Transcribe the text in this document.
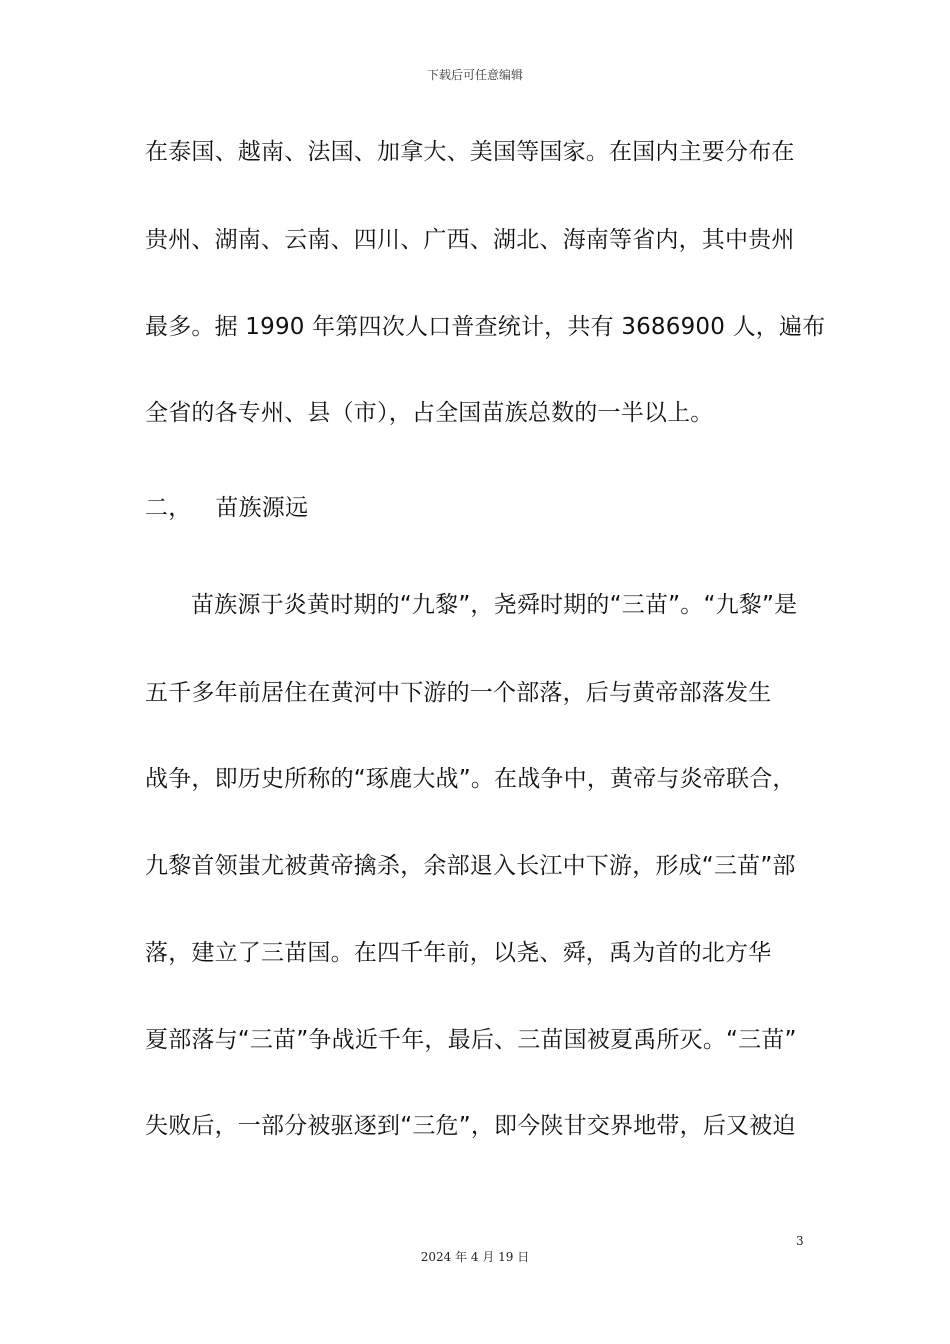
下载后可任意编辑
在泰国、越南、法国、加拿大、美国等国家。在国内主要分布在
贵州、湖南、云南、四川、广西、湖北、海南等省内，其中贵州
最多。据 1990 年第四次人口普查统计，共有 3686900 人，遍布
全省的各专州、县（市），占全国苗族总数的一半以上。
二， 苗族源远
苗族源于炎黄时期的“九黎”，尧舜时期的“三苗”。“九黎”是
五千多年前居住在黄河中下游的一个部落，后与黄帝部落发生
战争，即历史所称的“琢鹿大战”。在战争中，黄帝与炎帝联合，
九黎首领蚩尤被黄帝擒杀，余部退入长江中下游，形成“三苗”部
落，建立了三苗国。在四千年前，以尧、舜，禹为首的北方华
夏部落与“三苗”争战近千年，最后、三苗国被夏禹所灭。“三苗”
失败后，一部分被驱逐到“三危”，即今陕甘交界地带，后又被迫
3
2024 年 4 月 19 日
